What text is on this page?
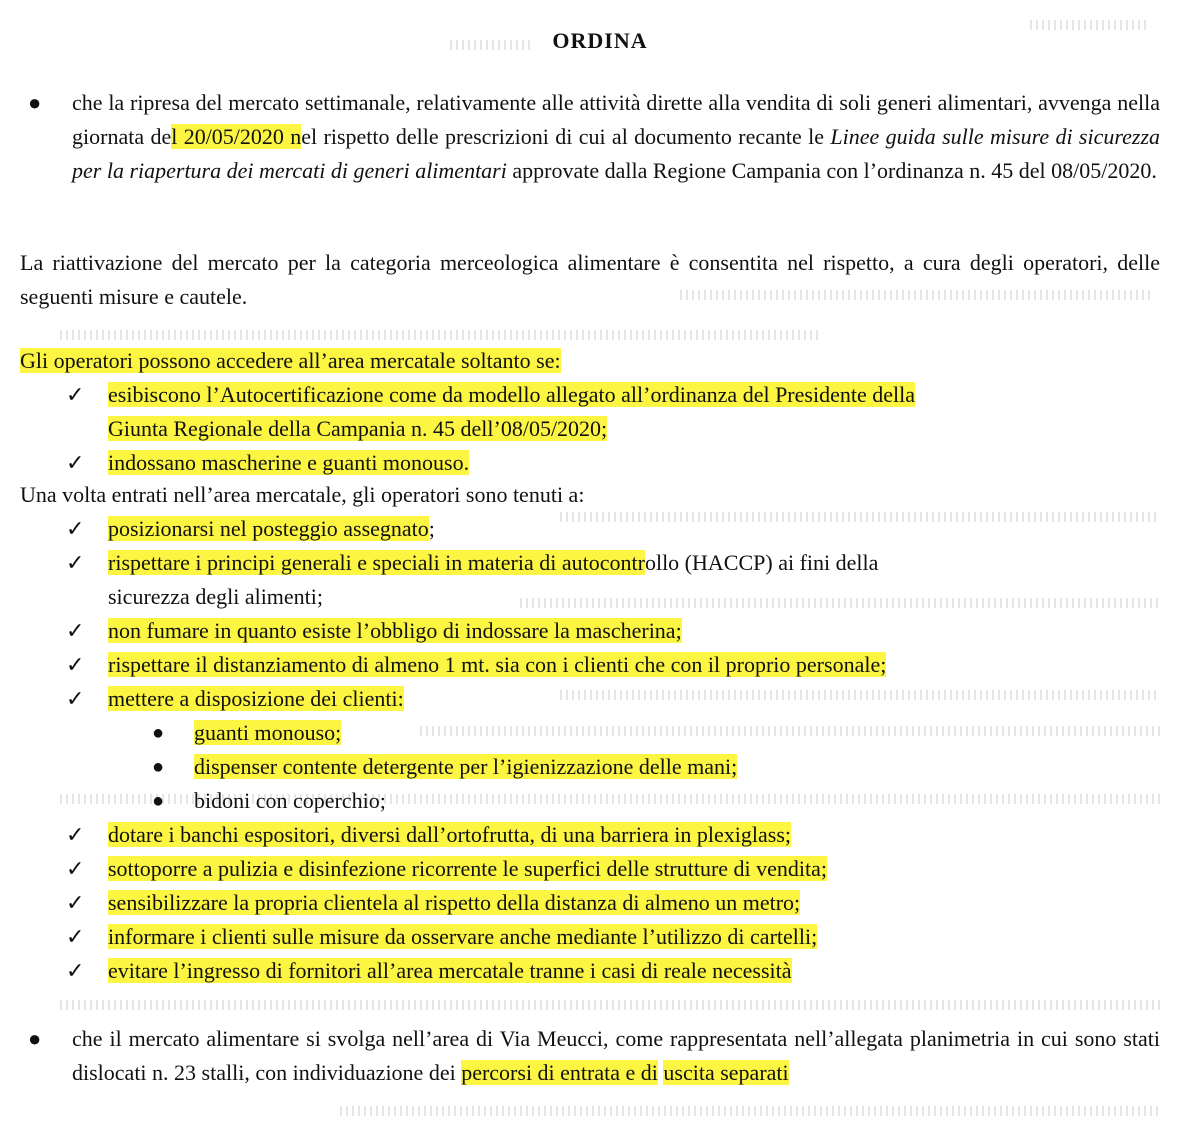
ORDINA
● che la ripresa del mercato settimanale, relativamente alle attività dirette alla vendita di soli generi alimentari, avvenga nella giornata del 20/05/2020 nel rispetto delle prescrizioni di cui al documento recante le Linee guida sulle misure di sicurezza per la riapertura dei mercati di generi alimentari approvate dalla Regione Campania con l’ordinanza n. 45 del 08/05/2020.
La riattivazione del mercato per la categoria merceologica alimentare è consentita nel rispetto, a cura degli operatori, delle seguenti misure e cautele.
Gli operatori possono accedere all’area mercatale soltanto se:
✓ esibiscono l’Autocertificazione come da modello allegato all’ordinanza del Presidente della
Giunta Regionale della Campania n. 45 dell’08/05/2020;
✓ indossano mascherine e guanti monouso.
Una volta entrati nell’area mercatale, gli operatori sono tenuti a:
✓ posizionarsi nel posteggio assegnato;
✓ rispettare i principi generali e speciali in materia di autocontrollo (HACCP) ai fini della
sicurezza degli alimenti;
✓ non fumare in quanto esiste l’obbligo di indossare la mascherina;
✓ rispettare il distanziamento di almeno 1 mt. sia con i clienti che con il proprio personale;
✓ mettere a disposizione dei clienti:
● guanti monouso;
● dispenser contente detergente per l’igienizzazione delle mani;
● bidoni con coperchio;
✓ dotare i banchi espositori, diversi dall’ortofrutta, di una barriera in plexiglass;
✓ sottoporre a pulizia e disinfezione ricorrente le superfici delle strutture di vendita;
✓ sensibilizzare la propria clientela al rispetto della distanza di almeno un metro;
✓ informare i clienti sulle misure da osservare anche mediante l’utilizzo di cartelli;
✓ evitare l’ingresso di fornitori all’area mercatale tranne i casi di reale necessità
● che il mercato alimentare si svolga nell’area di Via Meucci, come rappresentata nell’allegata planimetria in cui sono stati dislocati n. 23 stalli, con individuazione dei percorsi di entrata e di uscita separati
